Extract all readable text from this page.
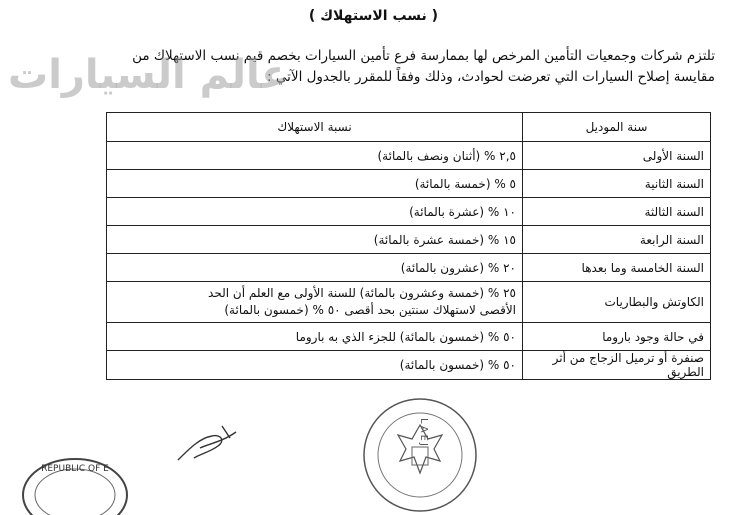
( نسب الاستهلاك )
تلتزم شركات وجمعيات التأمين المرخص لها بممارسة فرع تأمين السيارات بخصم قيم نسب الاستهلاك من
مقايسة إصلاح السيارات التي تعرضت لحوادث، وذلك وفقاً للمقرر بالجدول الآتي :
عالم السيارات
سنة الموديل	نسبة الاستهلاك
السنة الأولى	٢,٥ % (أثنان ونصف بالمائة)
السنة الثانية	٥ % (خمسة بالمائة)
السنة الثالثة	١٠ % (عشرة بالمائة)
السنة الرابعة	١٥ % (خمسة عشرة بالمائة)
السنة الخامسة وما بعدها	٢٠ % (عشرون بالمائة)
الكاوتش والبطاريات	٢٥ % (خمسة وعشرون بالمائة) للسنة الأولى مع العلم أن الحد
الأقصى لاستهلاك سنتين بحد أقصى ٥٠ % (خمسون بالمائة)

في حالة وجود باروما	٥٠ % (خمسون بالمائة) للجزء الذي به باروما
صنفرة أو ترميل الزجاج من أثر الطريق	٥٠ % (خمسون بالمائة)
LAEJ
REPUBLIC OF E
